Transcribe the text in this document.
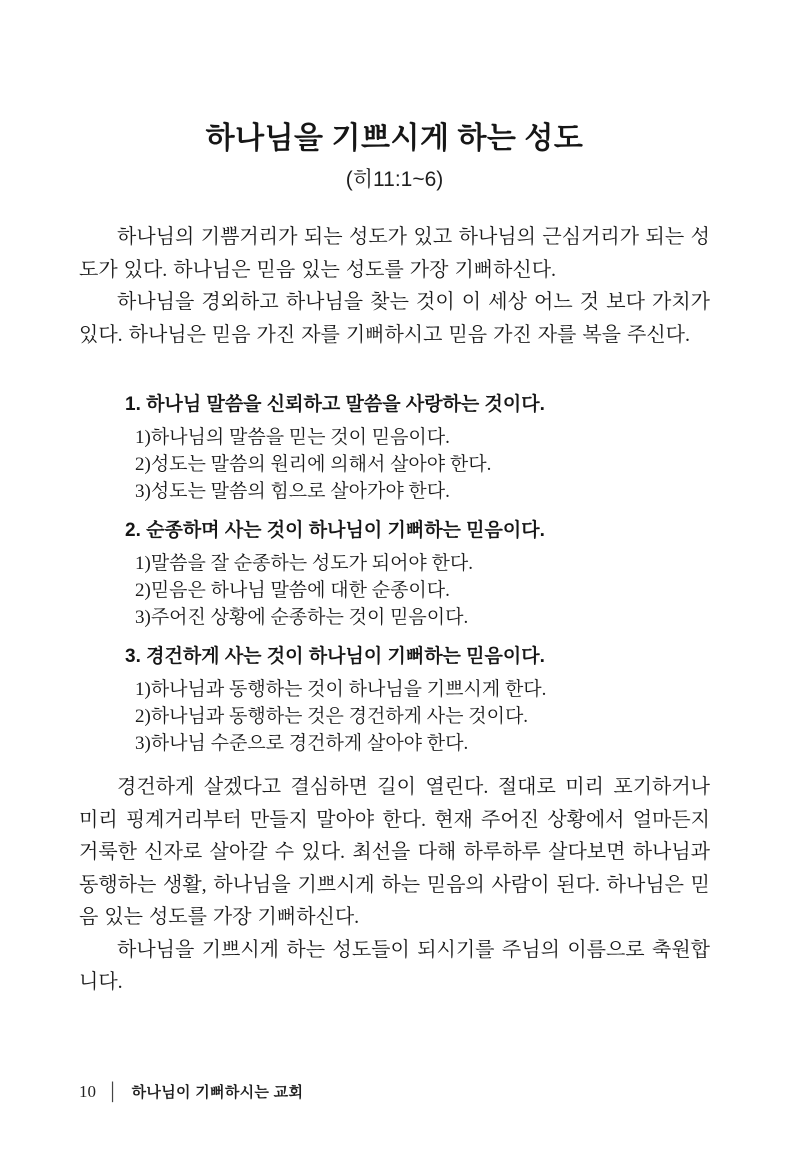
하나님을 기쁘시게 하는 성도
(히11:1~6)

하나님의 기쁨거리가 되는 성도가 있고 하나님의 근심거리가 되는 성도가 있다. 하나님은 믿음 있는 성도를 가장 기뻐하신다.

하나님을 경외하고 하나님을 찾는 것이 이 세상 어느 것 보다 가치가 있다. 하나님은 믿음 가진 자를 기뻐하시고 믿음 가진 자를 복을 주신다.

1. 하나님 말씀을 신뢰하고 말씀을 사랑하는 것이다.
1)하나님의 말씀을 믿는 것이 믿음이다.
2)성도는 말씀의 원리에 의해서 살아야 한다.
3)성도는 말씀의 힘으로 살아가야 한다.
2. 순종하며 사는 것이 하나님이 기뻐하는 믿음이다.
1)말씀을 잘 순종하는 성도가 되어야 한다.
2)믿음은 하나님 말씀에 대한 순종이다.
3)주어진 상황에 순종하는 것이 믿음이다.
3. 경건하게 사는 것이 하나님이 기뻐하는 믿음이다.
1)하나님과 동행하는 것이 하나님을 기쁘시게 한다.
2)하나님과 동행하는 것은 경건하게 사는 것이다.
3)하나님 수준으로 경건하게 살아야 한다.

경건하게 살겠다고 결심하면 길이 열린다. 절대로 미리 포기하거나 미리 핑계거리부터 만들지 말아야 한다. 현재 주어진 상황에서 얼마든지 거룩한 신자로 살아갈 수 있다. 최선을 다해 하루하루 살다보면 하나님과 동행하는 생활, 하나님을 기쁘시게 하는 믿음의 사람이 된다. 하나님은 믿음 있는 성도를 가장 기뻐하신다.

하나님을 기쁘시게 하는 성도들이 되시기를 주님의 이름으로 축원합니다.

10 │ 하나님이 기뻐하시는 교회
